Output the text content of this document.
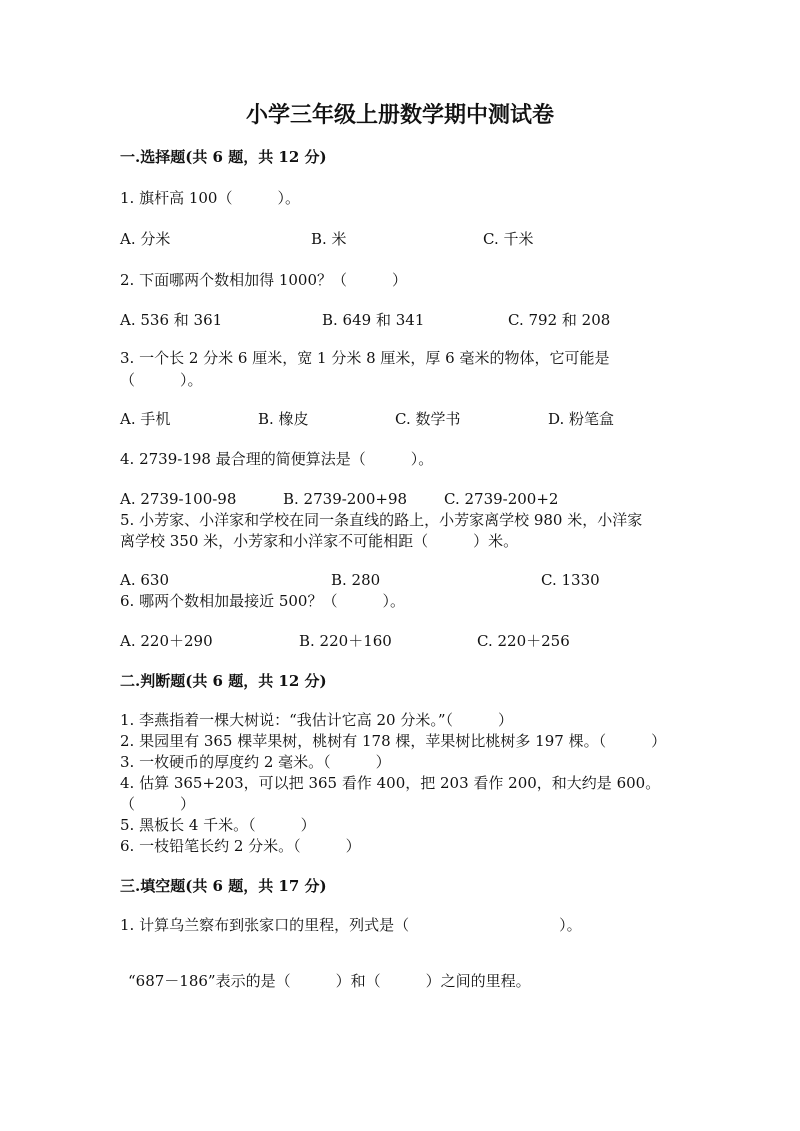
小学三年级上册数学期中测试卷
一.选择题(共 6 题，共 12 分)
1. 旗杆高 100（　　　）。
A. 分米	B. 米	C. 千米
2. 下面哪两个数相加得 1000？（　　　）
A. 536 和 361	B. 649 和 341	C. 792 和 208
3. 一个长 2 分米 6 厘米，宽 1 分米 8 厘米，厚 6 毫米的物体，它可能是
（　　　）。
A. 手机	B. 橡皮	C. 数学书	D. 粉笔盒
4. 2739-198 最合理的简便算法是（　　　）。
A. 2739-100-98	B. 2739-200+98 C. 2739-200+2
5. 小芳家、小洋家和学校在同一条直线的路上，小芳家离学校 980 米，小洋家
离学校 350 米，小芳家和小洋家不可能相距（　　　）米。
A. 630	B. 280	C. 1330
6. 哪两个数相加最接近 500？（　　　）。
A. 220＋290	B. 220＋160	C. 220＋256
二.判断题(共 6 题，共 12 分)
1. 李燕指着一棵大树说：“我估计它高 20 分米。”（　　　）
2. 果园里有 365 棵苹果树，桃树有 178 棵，苹果树比桃树多 197 棵。（　　　）
3. 一枚硬币的厚度约 2 毫米。（　　　）
4. 估算 365+203，可以把 365 看作 400，把 203 看作 200，和大约是 600。
（　　　）
5. 黑板长 4 千米。（　　　）
6. 一枝铅笔长约 2 分米。（　　　）
三.填空题(共 6 题，共 17 分)
1. 计算乌兰察布到张家口的里程，列式是（　　　　　　　　　　）。
“687－186”表示的是（　　　）和（　　　）之间的里程。
